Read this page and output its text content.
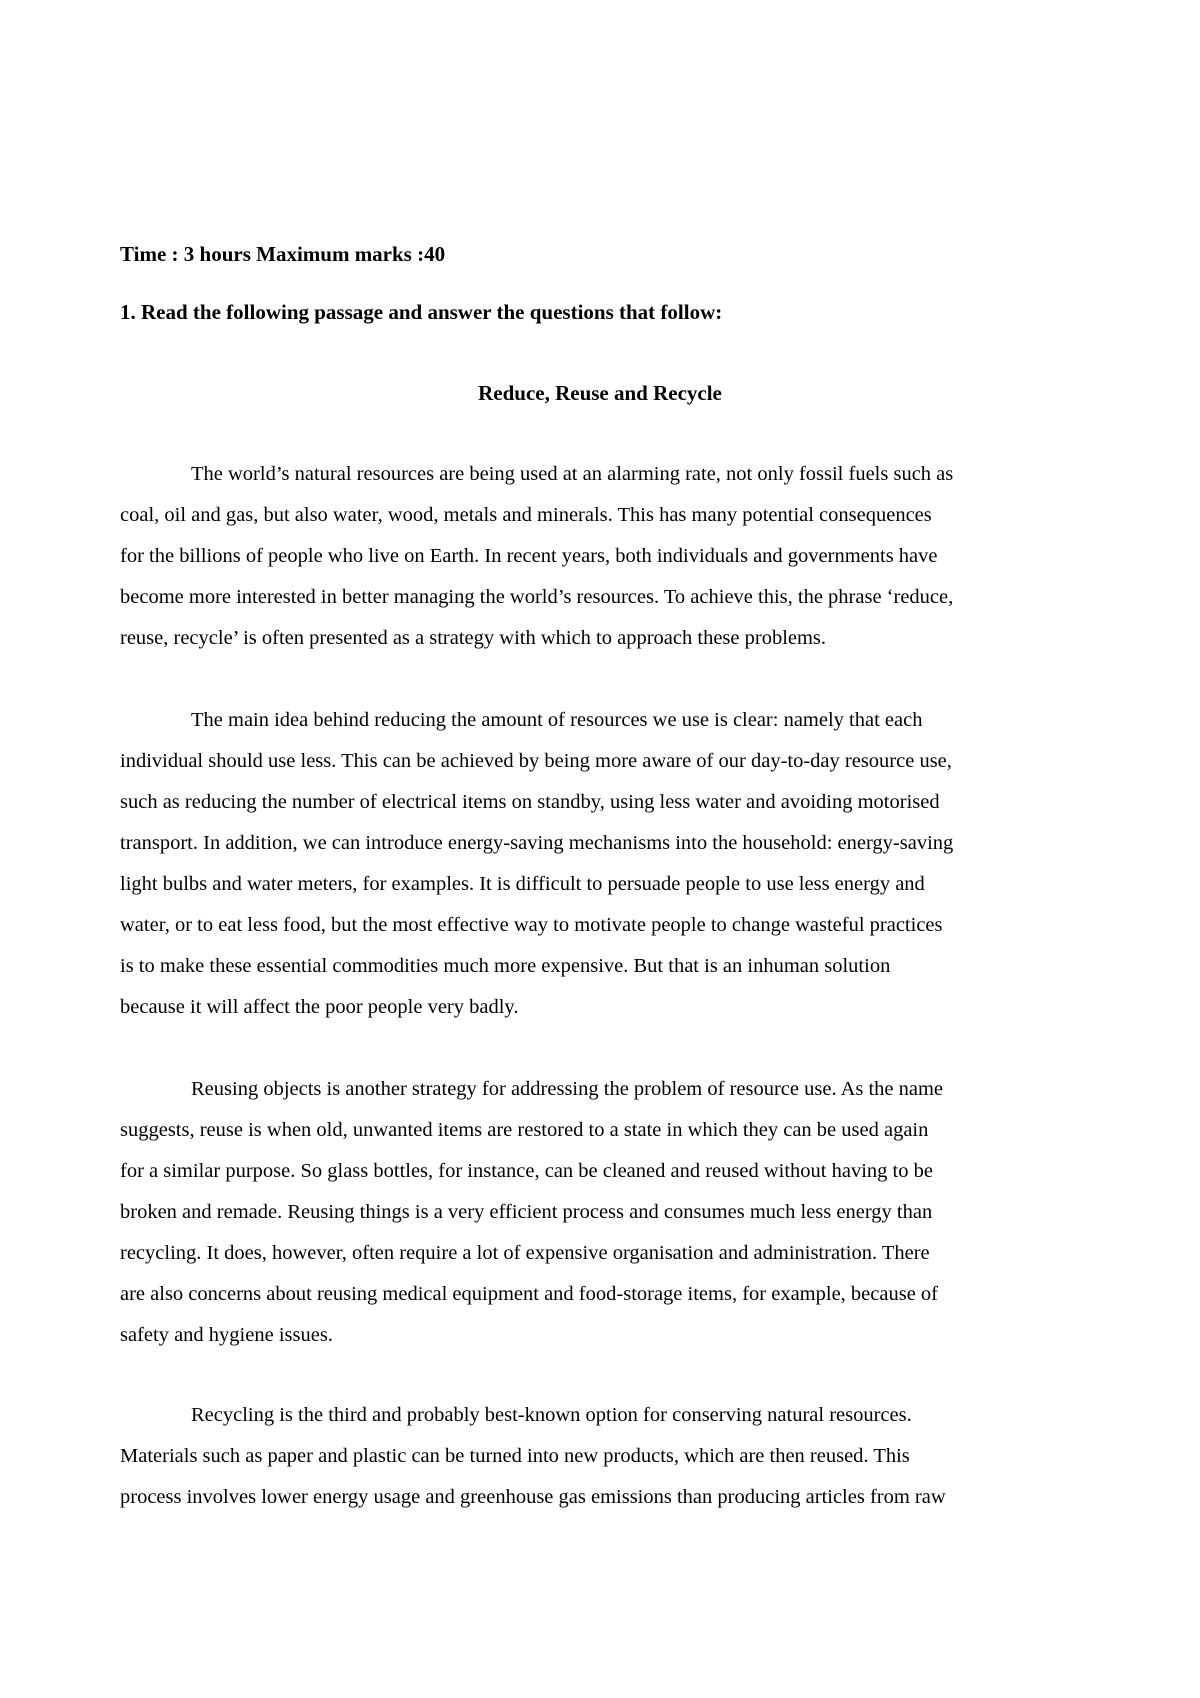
Time : 3 hours Maximum marks :40
1. Read the following passage and answer the questions that follow:
Reduce, Reuse and Recycle
The world’s natural resources are being used at an alarming rate, not only fossil fuels such as
coal, oil and gas, but also water, wood, metals and minerals. This has many potential consequences
for the billions of people who live on Earth. In recent years, both individuals and governments have
become more interested in better managing the world’s resources. To achieve this, the phrase ‘reduce,
reuse, recycle’ is often presented as a strategy with which to approach these problems.
The main idea behind reducing the amount of resources we use is clear: namely that each
individual should use less. This can be achieved by being more aware of our day-to-day resource use,
such as reducing the number of electrical items on standby, using less water and avoiding motorised
transport. In addition, we can introduce energy-saving mechanisms into the household: energy-saving
light bulbs and water meters, for examples. It is difficult to persuade people to use less energy and
water, or to eat less food, but the most effective way to motivate people to change wasteful practices
is to make these essential commodities much more expensive. But that is an inhuman solution
because it will affect the poor people very badly.
Reusing objects is another strategy for addressing the problem of resource use. As the name
suggests, reuse is when old, unwanted items are restored to a state in which they can be used again
for a similar purpose. So glass bottles, for instance, can be cleaned and reused without having to be
broken and remade. Reusing things is a very efficient process and consumes much less energy than
recycling. It does, however, often require a lot of expensive organisation and administration. There
are also concerns about reusing medical equipment and food-storage items, for example, because of
safety and hygiene issues.
Recycling is the third and probably best-known option for conserving natural resources.
Materials such as paper and plastic can be turned into new products, which are then reused. This
process involves lower energy usage and greenhouse gas emissions than producing articles from raw
